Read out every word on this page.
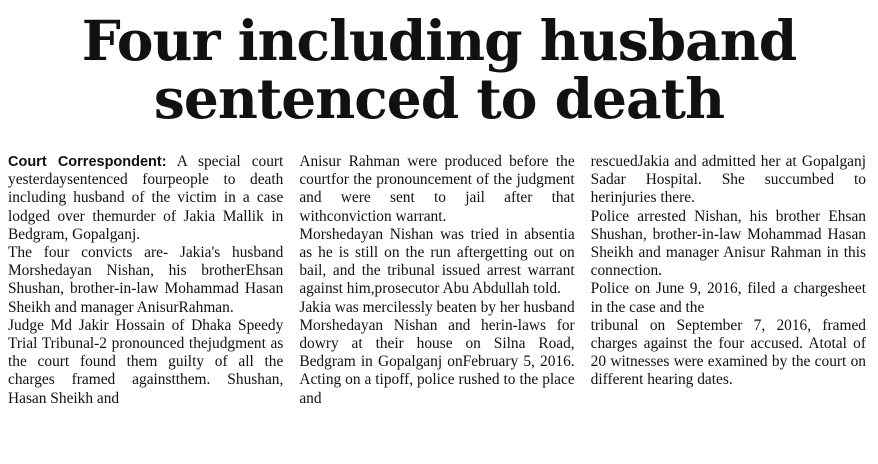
Four including husband
sentenced to death

Court Correspondent: A special court yesterdaysentenced fourpeople to death including husband of the victim in a case lodged over themurder of Jakia Mallik in Bedgram, Gopalganj.

The four convicts are- Jakia's husband Morshedayan Nishan, his brotherEhsan Shushan, brother-in-law Mohammad Hasan Sheikh and manager AnisurRahman.

Judge Md Jakir Hossain of Dhaka Speedy Trial Tribunal-2 pronounced thejudgment as the court found them guilty of all the charges framed againstthem. Shushan, Hasan Sheikh and

Anisur Rahman were produced before the courtfor the pronouncement of the judgment and were sent to jail after that withconviction warrant.

Morshedayan Nishan was tried in absentia as he is still on the run aftergetting out on bail, and the tribunal issued arrest warrant against him,prosecutor Abu Abdullah told.

Jakia was mercilessly beaten by her husband Morshedayan Nishan and herin-laws for dowry at their house on Silna Road, Bedgram in Gopalganj onFebruary 5, 2016. Acting on a tipoff, police rushed to the place and

rescuedJakia and admitted her at Gopalganj Sadar Hospital. She succumbed to herinjuries there.

Police arrested Nishan, his brother Ehsan Shushan, brother-in-law Mohammad Hasan Sheikh and manager Anisur Rahman in this connection.

Police on June 9, 2016, filed a chargesheet in the case and the

tribunal on September 7, 2016, framed charges against the four accused. Atotal of 20 witnesses were examined by the court on different hearing dates.
